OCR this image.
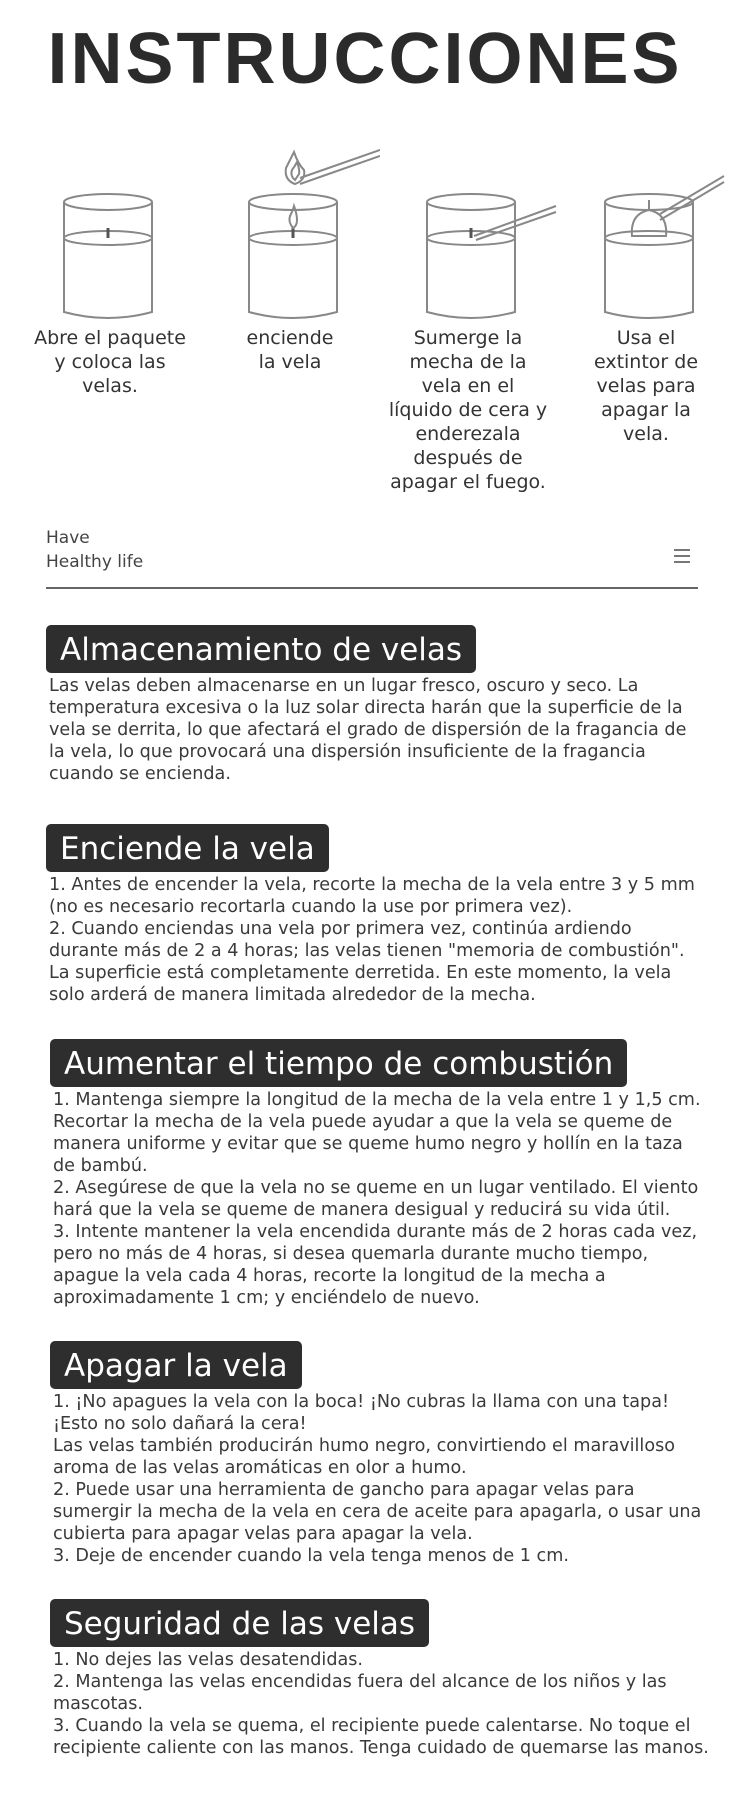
INSTRUCCIONES
Abre el paquete y coloca las velas.
enciende la vela
Sumerge la mecha de la vela en el líquido de cera y enderezala después de apagar el fuego.
Usa el extintor de velas para apagar la vela.
Have
Healthy life
Almacenamiento de velas

Las velas deben almacenarse en un lugar fresco, oscuro y seco. La temperatura excesiva o la luz solar directa harán que la superficie de la vela se derrita, lo que afectará el grado de dispersión de la fragancia de la vela, lo que provocará una dispersión insuficiente de la fragancia cuando se encienda.

Enciende la vela

1. Antes de encender la vela, recorte la mecha de la vela entre 3 y 5 mm (no es necesario recortarla cuando la use por primera vez).

2. Cuando enciendas una vela por primera vez, continúa ardiendo durante más de 2 a 4 horas; las velas tienen "memoria de combustión". La superficie está completamente derretida. En este momento, la vela solo arderá de manera limitada alrededor de la mecha.

Aumentar el tiempo de combustión

1. Mantenga siempre la longitud de la mecha de la vela entre 1 y 1,5 cm. Recortar la mecha de la vela puede ayudar a que la vela se queme de manera uniforme y evitar que se queme humo negro y hollín en la taza de bambú.

2. Asegúrese de que la vela no se queme en un lugar ventilado. El viento hará que la vela se queme de manera desigual y reducirá su vida útil.

3. Intente mantener la vela encendida durante más de 2 horas cada vez, pero no más de 4 horas, si desea quemarla durante mucho tiempo, apague la vela cada 4 horas, recorte la longitud de la mecha a aproximadamente 1 cm; y enciéndelo de nuevo.

Apagar la vela

1. ¡No apagues la vela con la boca! ¡No cubras la llama con una tapa! ¡Esto no solo dañará la cera!

Las velas también producirán humo negro, convirtiendo el maravilloso aroma de las velas aromáticas en olor a humo.

2. Puede usar una herramienta de gancho para apagar velas para sumergir la mecha de la vela en cera de aceite para apagarla, o usar una cubierta para apagar velas para apagar la vela.

3. Deje de encender cuando la vela tenga menos de 1 cm.

Seguridad de las velas

1. No dejes las velas desatendidas.

2. Mantenga las velas encendidas fuera del alcance de los niños y las mascotas.

3. Cuando la vela se quema, el recipiente puede calentarse. No toque el recipiente caliente con las manos. Tenga cuidado de quemarse las manos.
